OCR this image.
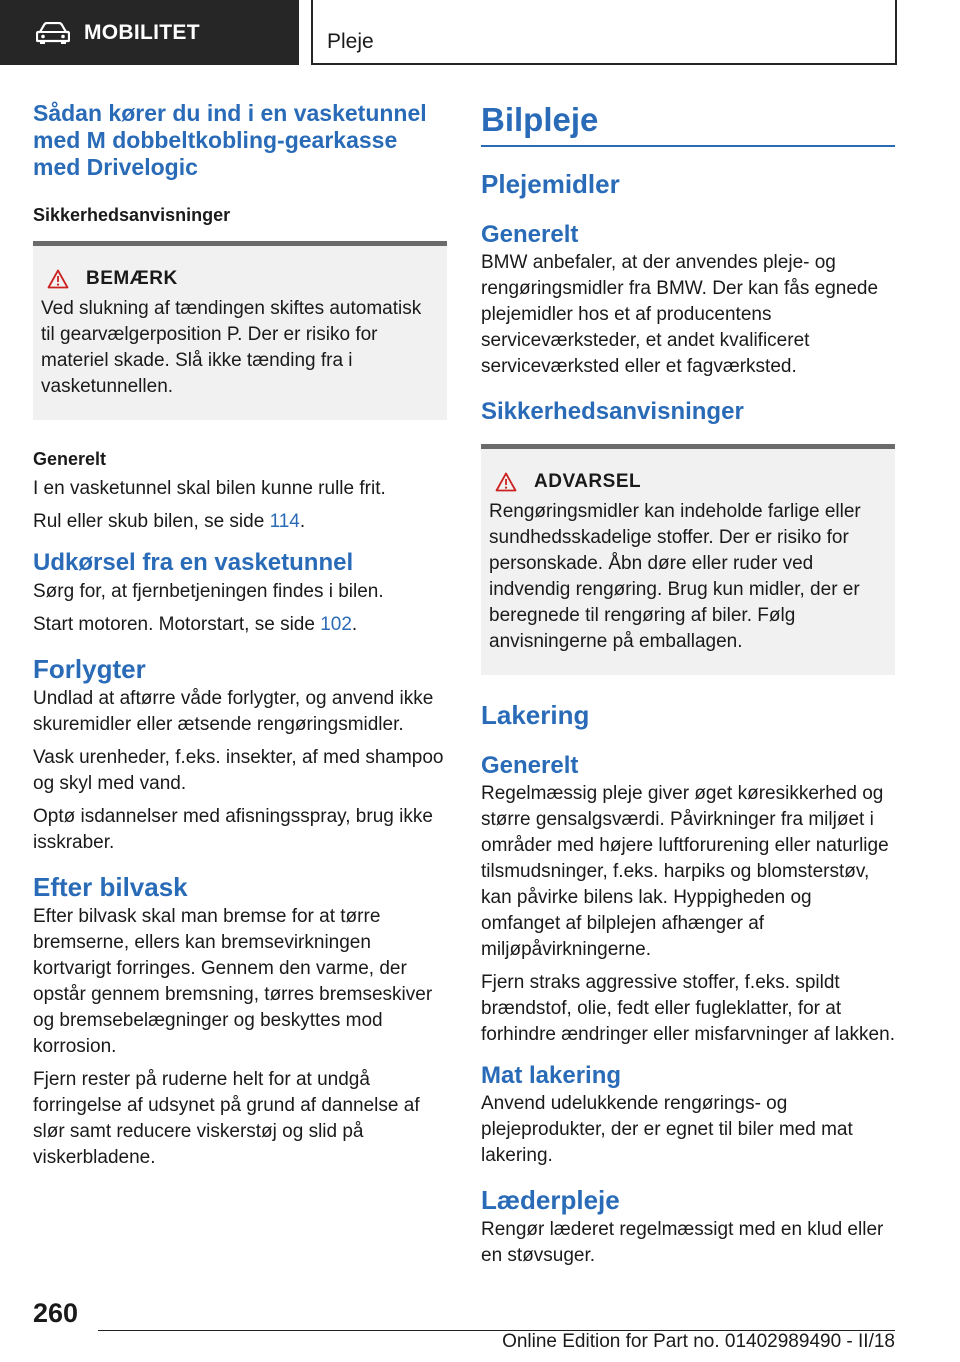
MOBILITET	Pleje
Sådan kører du ind i en vasketunnel med M dobbeltkobling-gearkasse med Drivelogic
Sikkerhedsanvisninger
BEMÆRK

Ved slukning af tændingen skiftes automatisk til gearvælgerposition P. Der er risiko for materiel skade. Slå ikke tænding fra i vasketunnellen.

Generelt

I en vasketunnel skal bilen kunne rulle frit.

Rul eller skub bilen, se side 114.

Udkørsel fra en vasketunnel

Sørg for, at fjernbetjeningen findes i bilen.

Start motoren. Motorstart, se side 102.

Forlygter

Undlad at aftørre våde forlygter, og anvend ikke skuremidler eller ætsende rengøringsmidler.

Vask urenheder, f.eks. insekter, af med shampoo og skyl med vand.

Optø isdannelser med afisningsspray, brug ikke isskraber.

Efter bilvask

Efter bilvask skal man bremse for at tørre bremserne, ellers kan bremsevirkningen kortvarigt forringes. Gennem den varme, der opstår gennem bremsning, tørres bremseskiver og bremsebelægninger og beskyttes mod korrosion.

Fjern rester på ruderne helt for at undgå forringelse af udsynet på grund af dannelse af slør samt reducere viskerstøj og slid på viskerbladene.

Bilpleje
Plejemidler
Generelt

BMW anbefaler, at der anvendes pleje- og rengøringsmidler fra BMW. Der kan fås egnede plejemidler hos et af producentens serviceværksteder, et andet kvalificeret serviceværksted eller et fagværksted.

Sikkerhedsanvisninger
ADVARSEL

Rengøringsmidler kan indeholde farlige eller sundhedsskadelige stoffer. Der er risiko for personskade. Åbn døre eller ruder ved indvendig rengøring. Brug kun midler, der er beregnede til rengøring af biler. Følg anvisningerne på emballagen.

Lakering
Generelt

Regelmæssig pleje giver øget køresikkerhed og større gensalgsværdi. Påvirkninger fra miljøet i områder med højere luftforurening eller naturlige tilsmudsninger, f.eks. harpiks og blomsterstøv, kan påvirke bilens lak. Hyppigheden og omfanget af bilplejen afhænger af miljøpåvirkningerne.

Fjern straks aggressive stoffer, f.eks. spildt brændstof, olie, fedt eller fugleklatter, for at forhindre ændringer eller misfarvninger af lakken.

Mat lakering

Anvend udelukkende rengørings- og plejeprodukter, der er egnet til biler med mat lakering.

Læderpleje

Rengør læderet regelmæssigt med en klud eller en støvsuger.

260
Online Edition for Part no. 01402989490 - II/18
